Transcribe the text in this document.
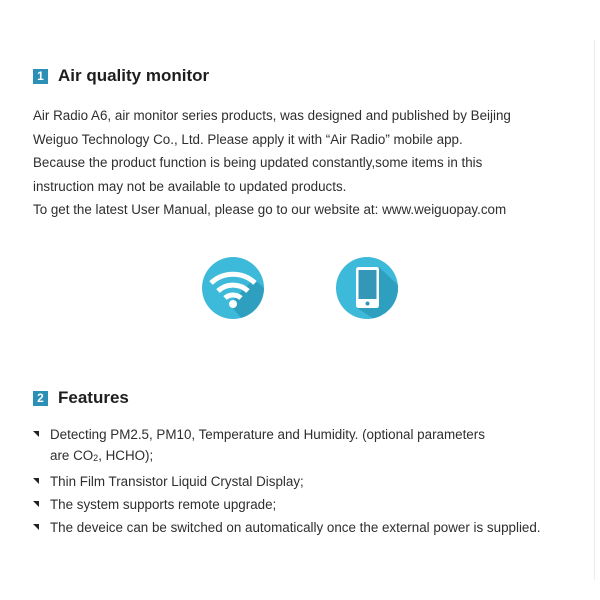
1 Air quality monitor
Air Radio A6, air monitor series products, was designed and published by Beijing
Weiguo Technology Co., Ltd. Please apply it with “Air Radio” mobile app.
Because the product function is being updated constantly,some items in this
instruction may not be available to updated products.
To get the latest User Manual, please go to our website at: www.weiguopay.com
2 Features
Detecting PM2.5, PM10, Temperature and Humidity. (optional parameters
are $CO_2$, HCHO);
Thin Film Transistor Liquid Crystal Display;
The system supports remote upgrade;
The deveice can be switched on automatically once the external power is supplied.
